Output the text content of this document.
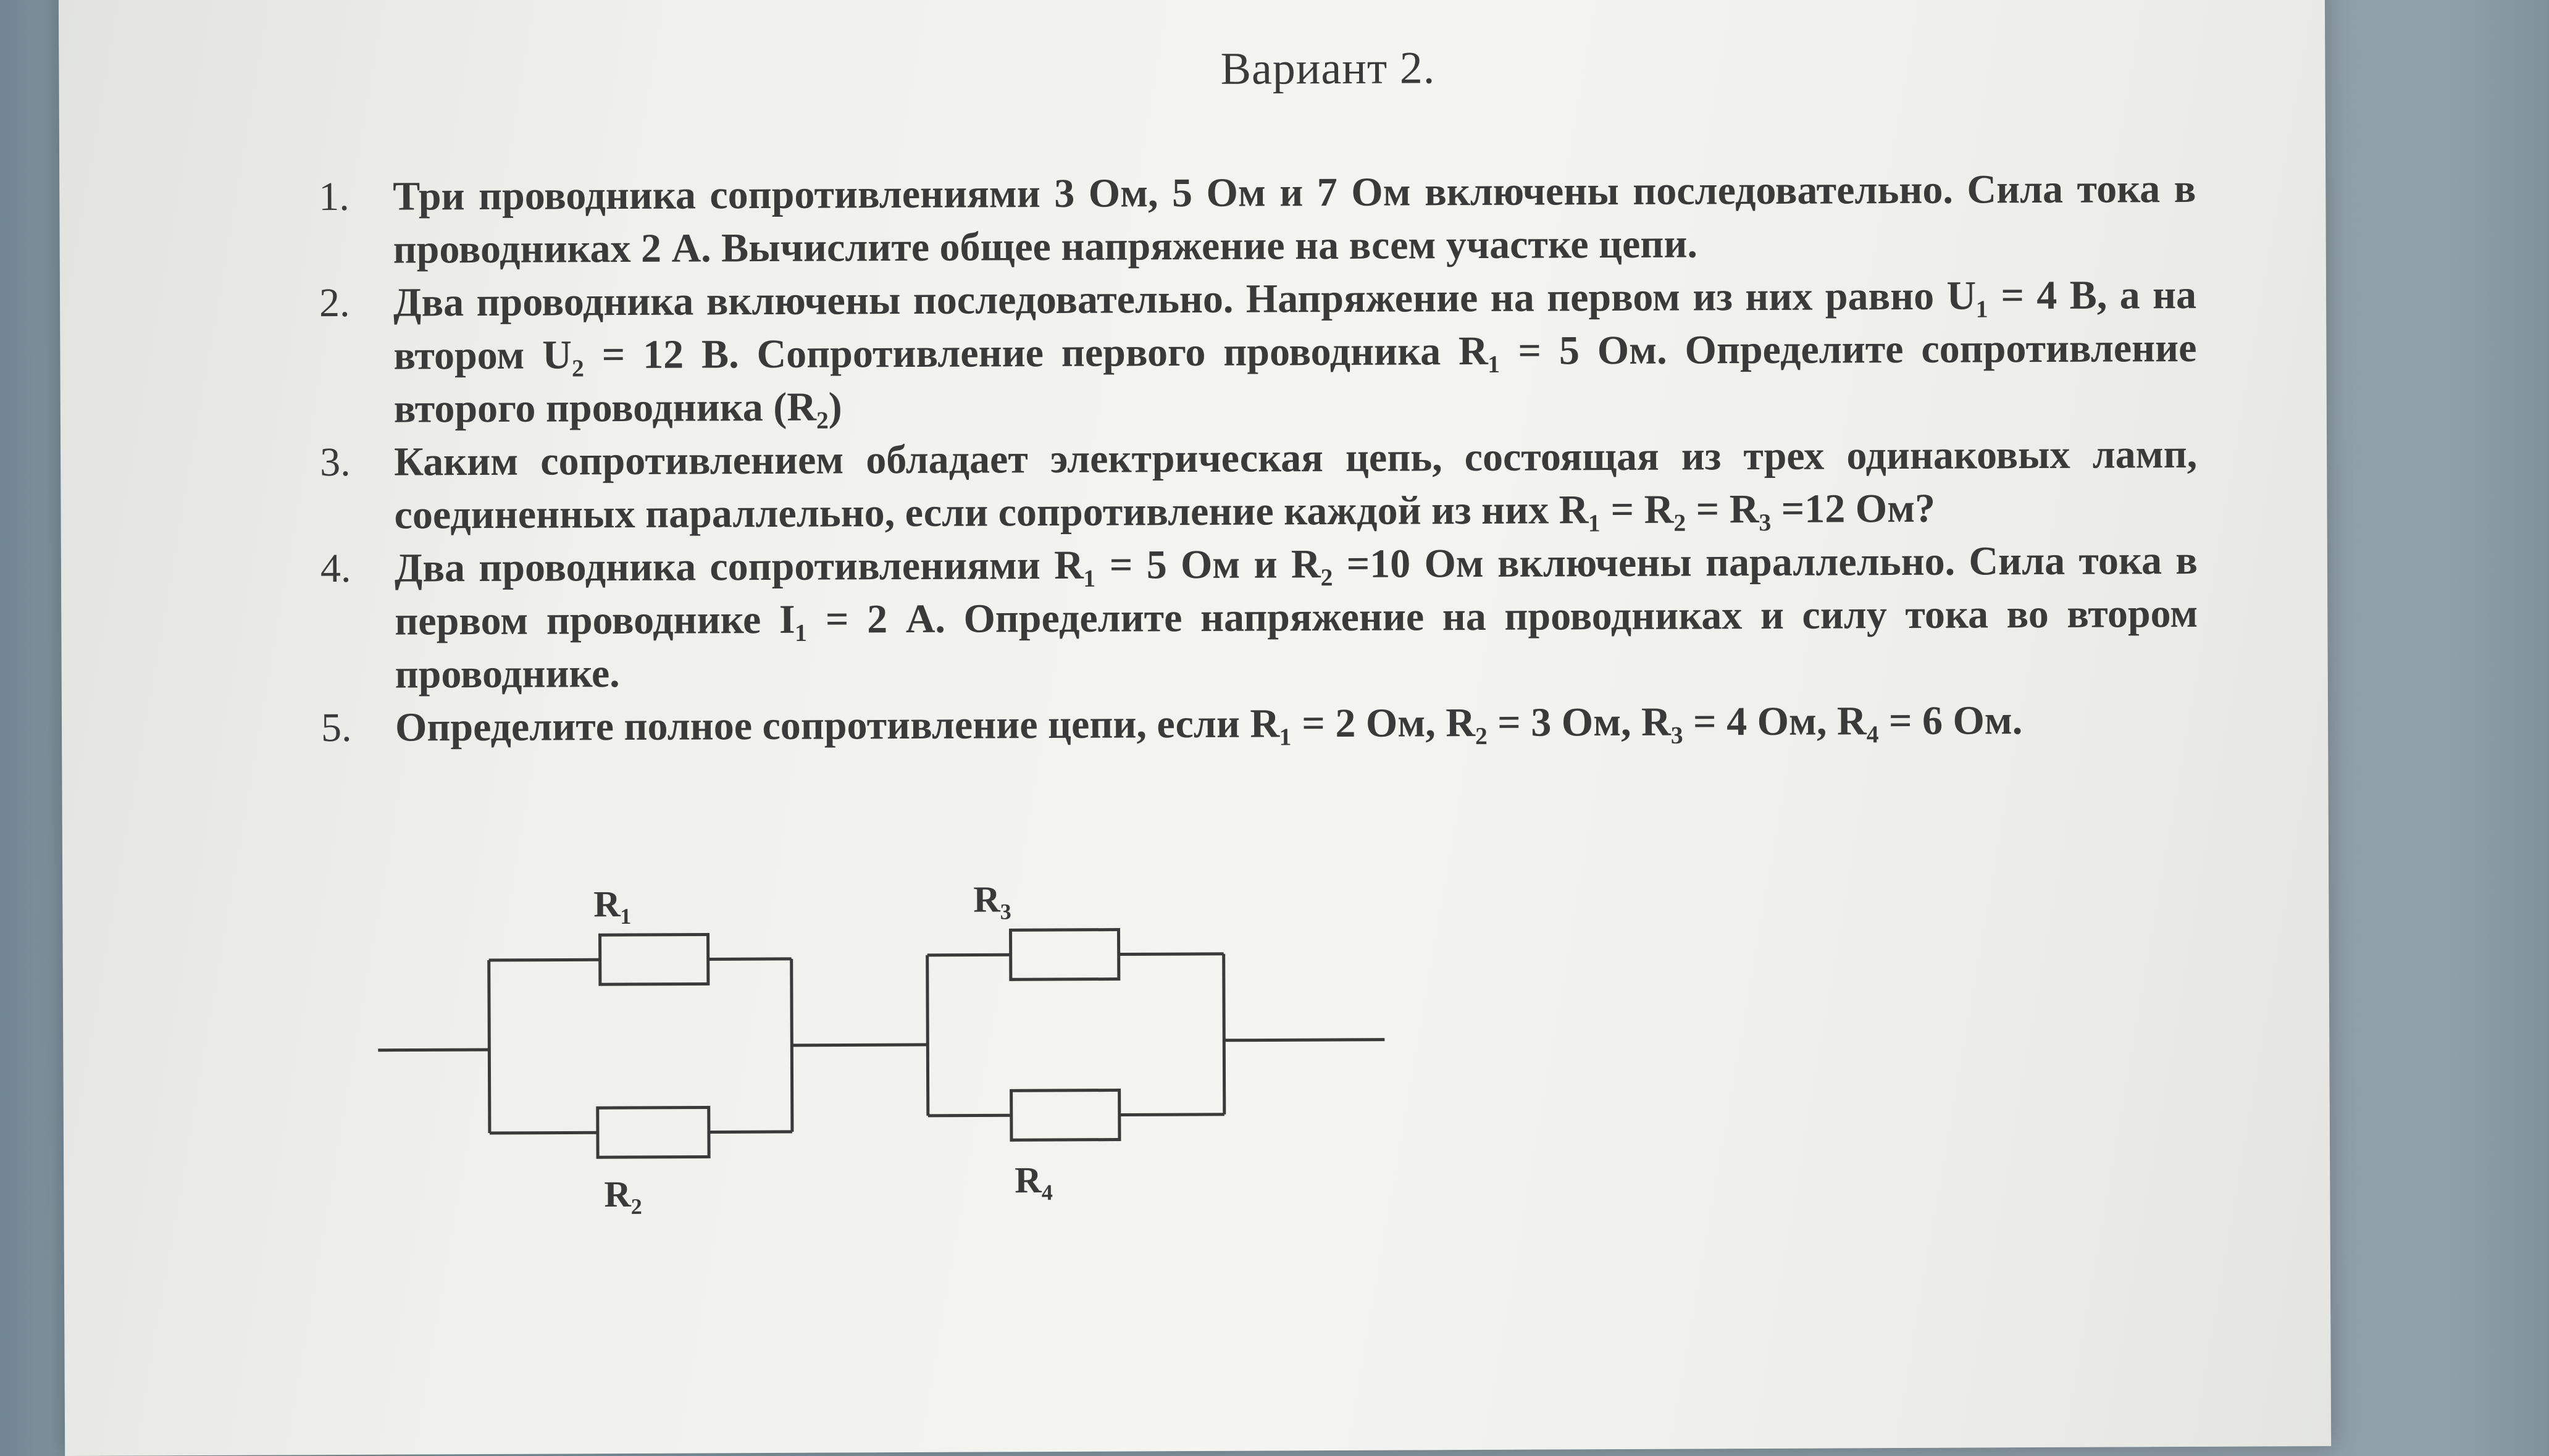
Вариант 2.
1. Три проводника сопротивлениями 3 Ом, 5 Ом и 7 Ом включены последовательно. Сила тока в проводниках 2 А. Вычислите общее напряжение на всем участке цепи.
2. Два проводника включены последовательно. Напряжение на первом из них равно U₁ = 4 В, а на втором U₂ = 12 В. Сопротивление первого проводника R₁ = 5 Ом. Определите сопротивление второго проводника (R₂)
3. Каким сопротивлением обладает электрическая цепь, состоящая из трех одинаковых ламп, соединенных параллельно, если сопротивление каждой из них R₁ = R₂ = R₃ =12 Ом?
4. Два проводника сопротивлениями R₁ = 5 Ом и R₂ =10 Ом включены параллельно. Сила тока в первом проводнике I₁ = 2 А. Определите напряжение на проводниках и силу тока во втором проводнике.
5. Определите полное сопротивление цепи, если R₁ = 2 Ом, R₂ = 3 Ом, R₃ = 4 Ом, R₄ = 6 Ом.
R₁
R₂
R₃
R₄
